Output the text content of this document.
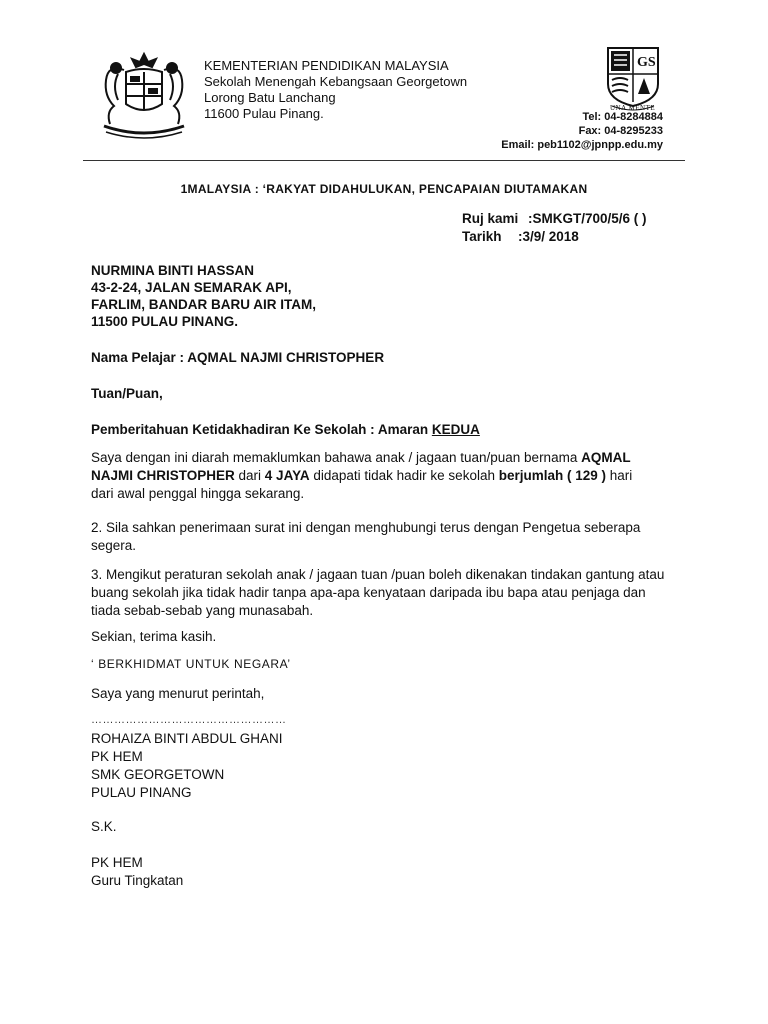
GS
UNA MENTE
KEMENTERIAN PENDIDIKAN MALAYSIA
Sekolah Menengah Kebangsaan Georgetown
Lorong Batu Lanchang
11600 Pulau Pinang.	Tel: 04-8284884
Fax: 04-8295233
Email: peb1102@jpnpp.edu.my
1MALAYSIA : ‘RAKYAT DIDAHULUKAN, PENCAPAIAN DIUTAMAKAN
Ruj kami :SMKGT/700/5/6 ( )
Tarikh :3/9/ 2018
NURMINA BINTI HASSAN
43-2-24, JALAN SEMARAK API,
FARLIM, BANDAR BARU AIR ITAM,
11500 PULAU PINANG.
Nama Pelajar : AQMAL NAJMI CHRISTOPHER
Tuan/Puan,
Pemberitahuan Ketidakhadiran Ke Sekolah : Amaran KEDUA
Saya dengan ini diarah memaklumkan bahawa anak / jagaan tuan/puan bernama AQMAL
NAJMI CHRISTOPHER dari 4 JAYA didapati tidak hadir ke sekolah berjumlah ( 129 ) hari
dari awal penggal hingga sekarang.
2. Sila sahkan penerimaan surat ini dengan menghubungi terus dengan Pengetua seberapa
segera.
3. Mengikut peraturan sekolah anak / jagaan tuan /puan boleh dikenakan tindakan gantung atau
buang sekolah jika tidak hadir tanpa apa-apa kenyataan daripada ibu bapa atau penjaga dan
tiada sebab-sebab yang munasabah.
Sekian, terima kasih.
‘ BERKHIDMAT UNTUK NEGARA’
Saya yang menurut perintah,
……………………………………………
ROHAIZA BINTI ABDUL GHANI
PK HEM
SMK GEORGETOWN
PULAU PINANG
S.K.
PK HEM
Guru Tingkatan
